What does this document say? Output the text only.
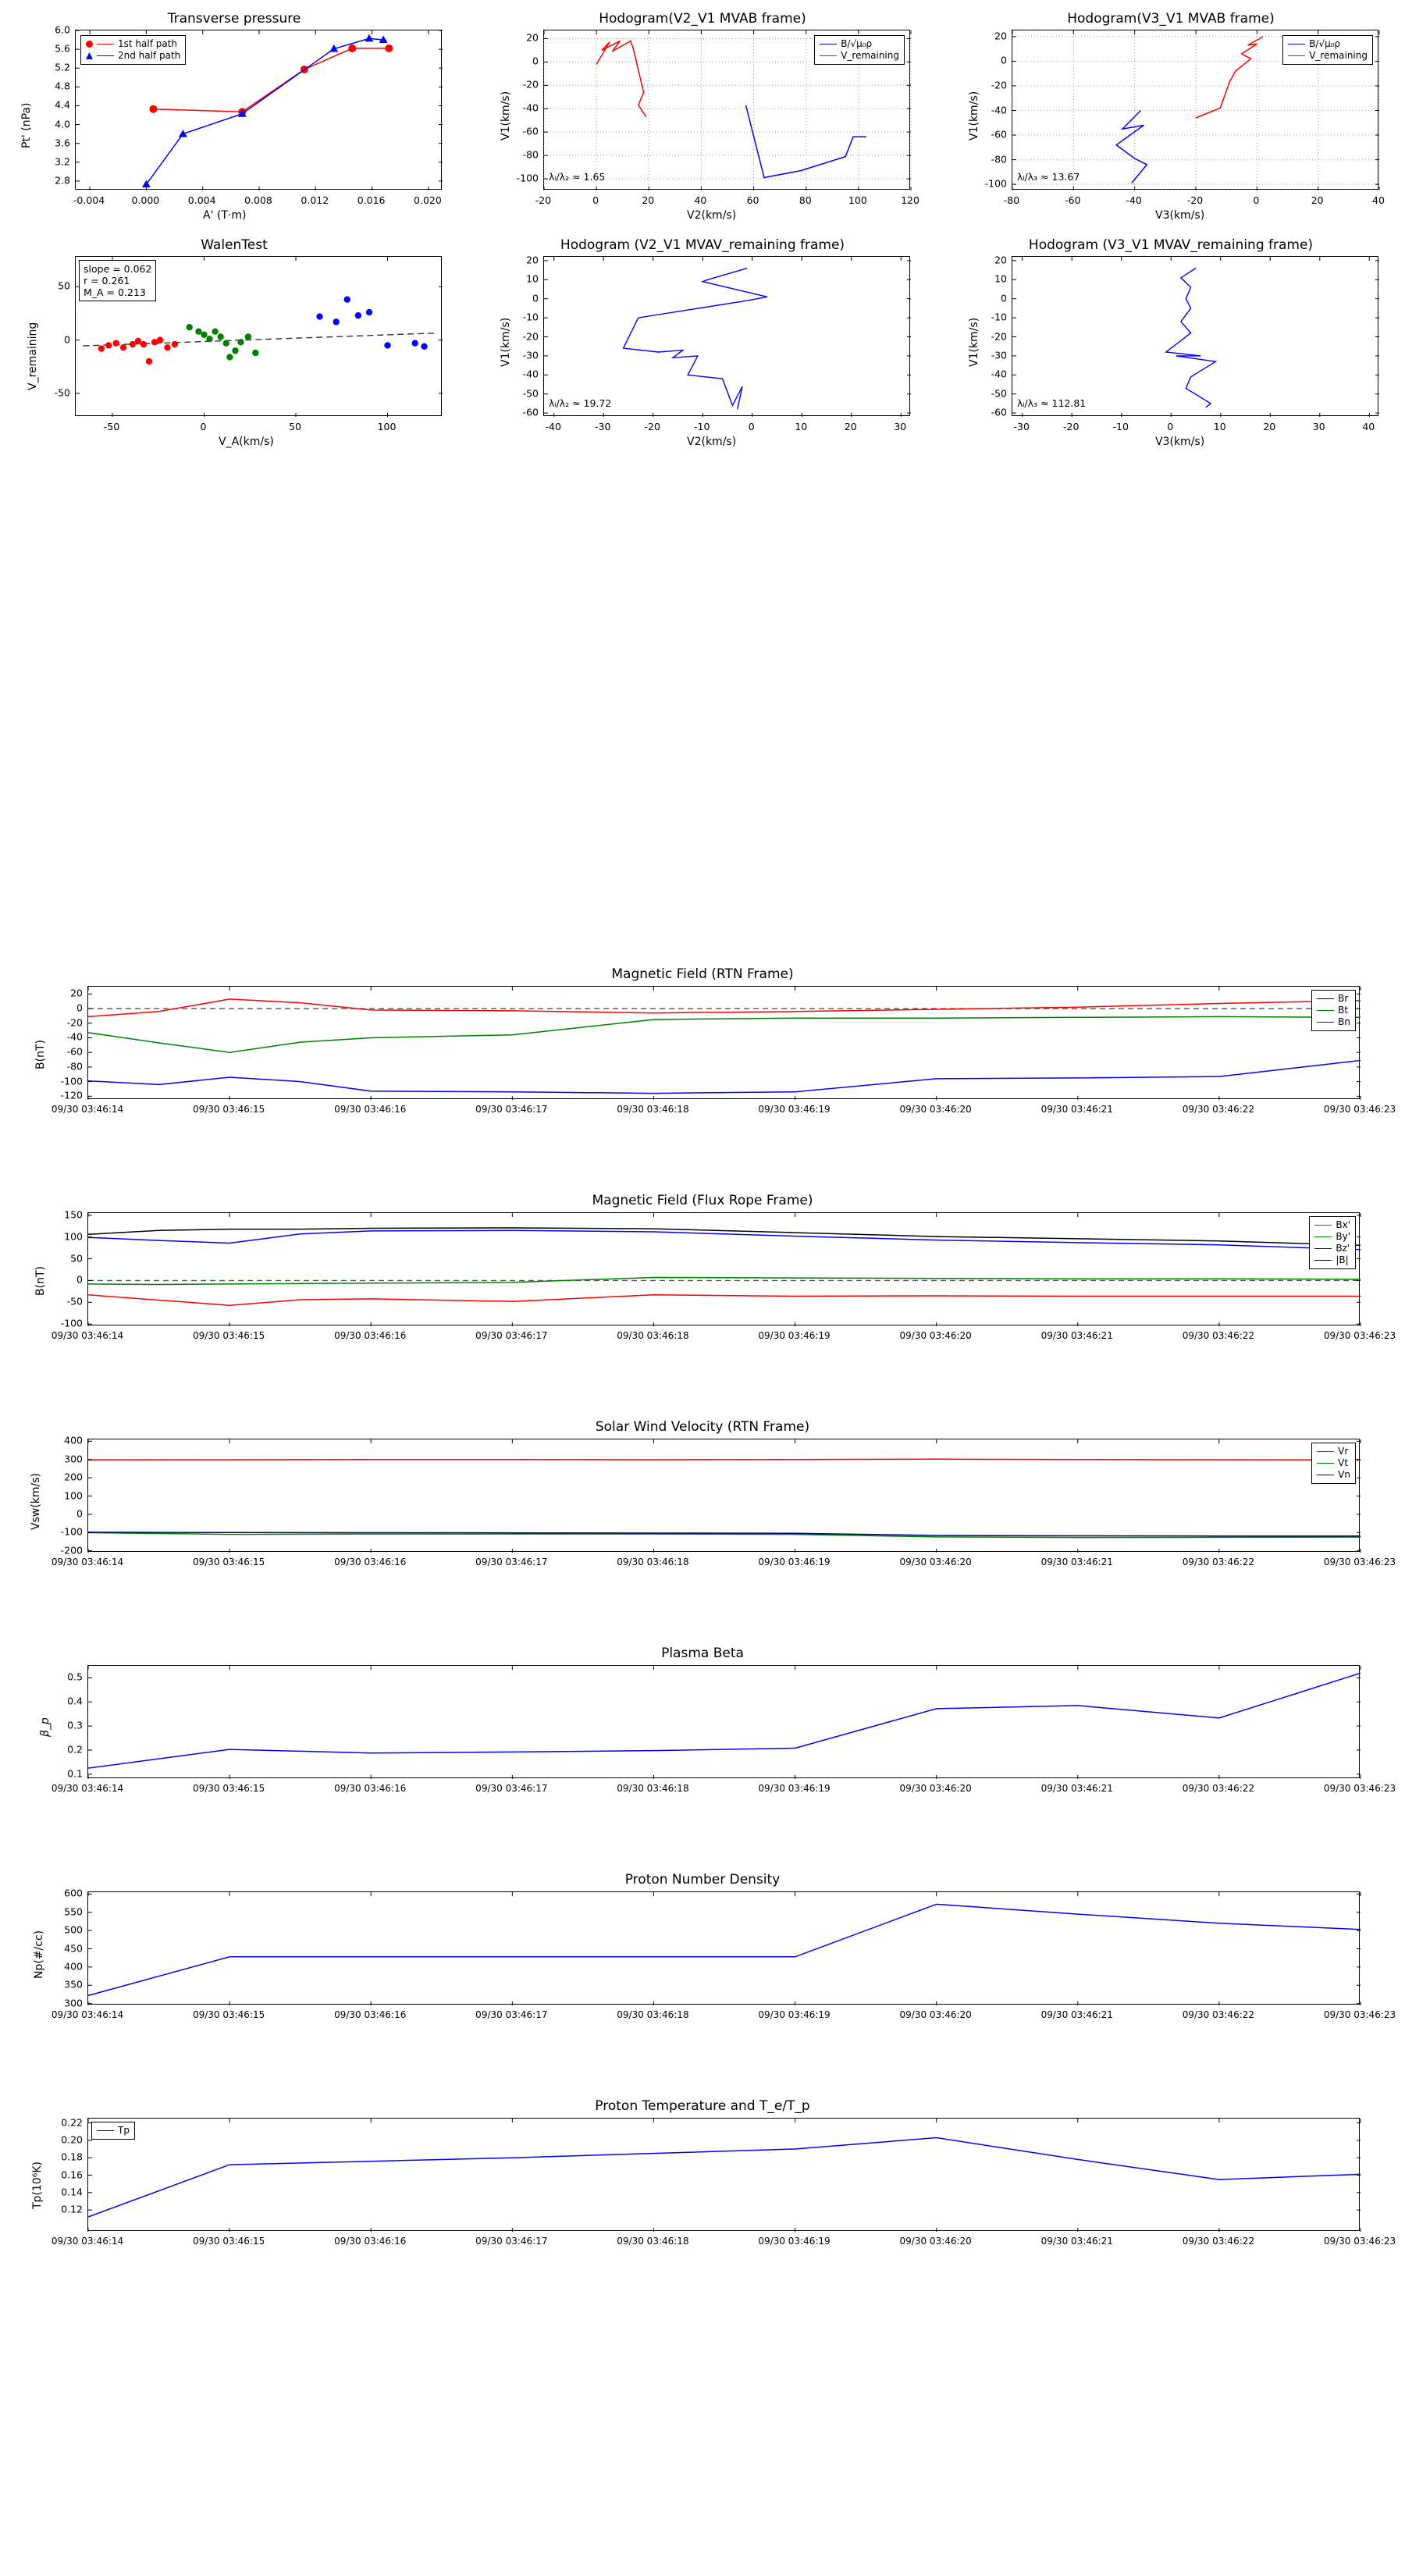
Transverse pressure
1st half path
2nd half path
Pt' (nPa)
A' (T·m)
-0.004	0.000	0.004	0.008	0.012	0.016	0.020
2.8
3.2
3.6
4.0
4.4
4.8
5.2
5.6
6.0
Hodogram(V2_V1 MVAB frame)
B/√μ₀ρ
V_remaining
λₗ/λ₂ ≈ 1.65
V1(km/s)
V2(km/s)
-20	0	20	40	60	80	100	120
-100
-80
-60
-40
-20
0
20
Hodogram(V3_V1 MVAB frame)
B/√μ₀ρ
V_remaining
λₗ/λ₃ ≈ 13.67
V1(km/s)
V3(km/s)
-80	-60	-40	-20	0	20	40
-100
-80
-60
-40
-20
0
20
WalenTest
slope = 0.062
r = 0.261
M_A = 0.213
V_remaining
V_A(km/s)
-50	0	50	100
-50
0
50
Hodogram (V2_V1 MVAV_remaining frame)
λₗ/λ₂ ≈ 19.72
V1(km/s)
V2(km/s)
-40	-30	-20	-10	0	10	20	30
-60
-50
-40
-30
-20
-10
0
10
20
Hodogram (V3_V1 MVAV_remaining frame)
λₗ/λ₃ ≈ 112.81
V1(km/s)
V3(km/s)
-30	-20	-10	0	10	20	30	40
-60
-50
-40
-30
-20
-10
0
10
20
Magnetic Field (RTN Frame)
Br
Bt
Bn
B(nT)
09/30 03:46:14	09/30 03:46:15	09/30 03:46:16	09/30 03:46:17	09/30 03:46:18	09/30 03:46:19	09/30 03:46:20	09/30 03:46:21	09/30 03:46:22	09/30 03:46:23
20
0
-20
-40
-60
-80
-100
-120
Magnetic Field (Flux Rope Frame)
Bx'
By'
Bz'
|B|
B(nT)
09/30 03:46:14	09/30 03:46:15	09/30 03:46:16	09/30 03:46:17	09/30 03:46:18	09/30 03:46:19	09/30 03:46:20	09/30 03:46:21	09/30 03:46:22	09/30 03:46:23
150
100
50
0
-50
-100
Solar Wind Velocity (RTN Frame)
Vr
Vt
Vn
Vsw(km/s)
09/30 03:46:14	09/30 03:46:15	09/30 03:46:16	09/30 03:46:17	09/30 03:46:18	09/30 03:46:19	09/30 03:46:20	09/30 03:46:21	09/30 03:46:22	09/30 03:46:23
400
300
200
100
0
-100
-200
Plasma Beta
β_p
09/30 03:46:14	09/30 03:46:15	09/30 03:46:16	09/30 03:46:17	09/30 03:46:18	09/30 03:46:19	09/30 03:46:20	09/30 03:46:21	09/30 03:46:22	09/30 03:46:23
0.1
0.2
0.3
0.4
0.5
Proton Number Density
Np(#/cc)
09/30 03:46:14	09/30 03:46:15	09/30 03:46:16	09/30 03:46:17	09/30 03:46:18	09/30 03:46:19	09/30 03:46:20	09/30 03:46:21	09/30 03:46:22	09/30 03:46:23
600
550
500
450
400
350
300
Proton Temperature and T_e/T_p
Tp
Tp(10⁶K)
09/30 03:46:14	09/30 03:46:15	09/30 03:46:16	09/30 03:46:17	09/30 03:46:18	09/30 03:46:19	09/30 03:46:20	09/30 03:46:21	09/30 03:46:22	09/30 03:46:23
0.22
0.20
0.18
0.16
0.14
0.12
